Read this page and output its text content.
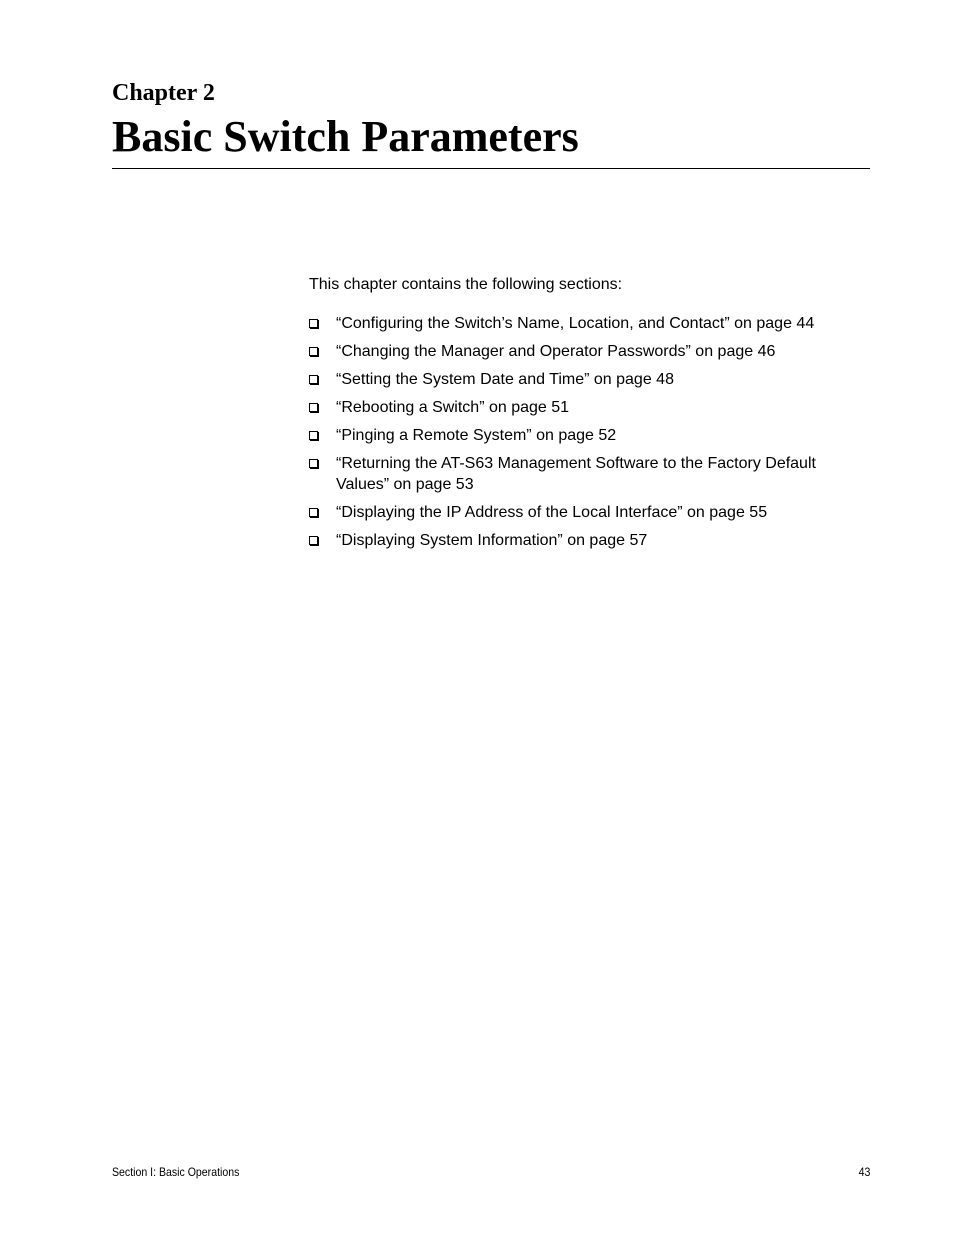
Chapter 2
Basic Switch Parameters

This chapter contains the following sections:

“Configuring the Switch’s Name, Location, and Contact” on page 44
“Changing the Manager and Operator Passwords” on page 46
“Setting the System Date and Time” on page 48
“Rebooting a Switch” on page 51
“Pinging a Remote System” on page 52
“Returning the AT-S63 Management Software to the Factory Default Values” on page 53
“Displaying the IP Address of the Local Interface” on page 55
“Displaying System Information” on page 57
Section I: Basic Operations	43
